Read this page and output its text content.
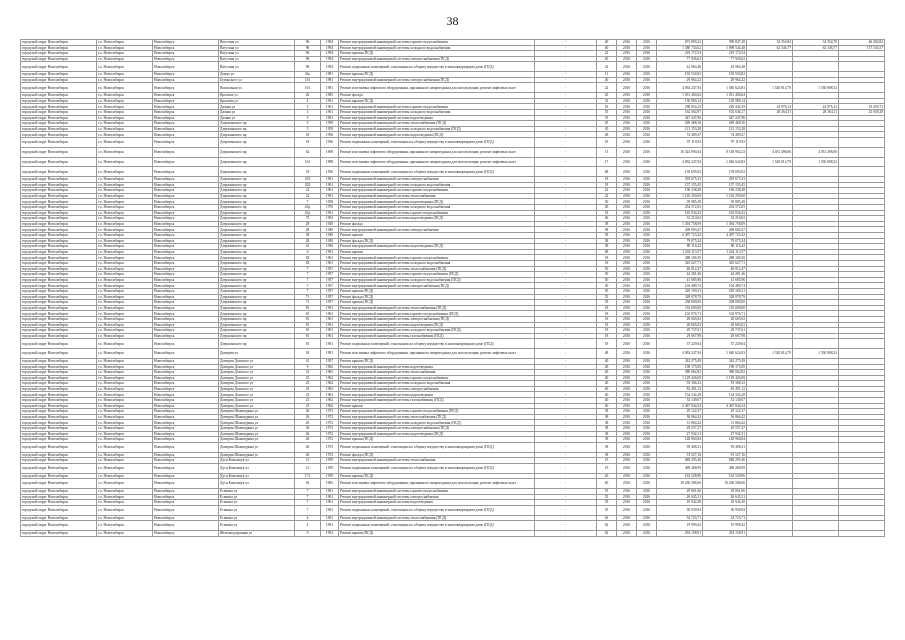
38
городской округ Новосибирск	г.о. Новосибирск	Новосибирск	Ватутина ул	96	1994	Ремонт внутридомовой инженерной системы горячего водоснабжения	-	40	2016	2016	673 809,22	590 847,28	34 354,84	34 354,70	46 404,82
городской округ Новосибирск	г.о. Новосибирск	Новосибирск	Ватутина ул	96	1994	Ремонт внутридомовой инженерной системы холодного водоснабжения	-	40	2016	2016	1 380 734,62	1 098 544,48	62 346,77	62 346,77	157 543,57
городской округ Новосибирск	г.о. Новосибирск	Новосибирск	Ватутина ул	96	1994	Ремонт крыши (ПСД)	-	22	2016	2016	219 172,54	219 172,54			
городской округ Новосибирск	г.о. Новосибирск	Новосибирск	Ватутина ул	96	1994	Ремонт внутридомовой инженерной системы электроснабжения (ПСД)	-	40	2016	2016	77 926,62	77 926,62			
городской округ Новосибирск	г.о. Новосибирск	Новосибирск	Ватутина ул	96	1994	Ремонт подвальных помещений, относящихся к общему имуществу в многоквартирном доме (ПСД)	-	42	2016	2016	42 964,48	42 964,48			
городской округ Новосибирск	г.о. Новосибирск	Новосибирск	Донца ул	41к	1981	Ремонт крыши (ПСД)	-	11	2016	2016	192 534,82	192 534,82			
городской округ Новосибирск	г.о. Новосибирск	Новосибирск	Белинского ул	161	1981	Ремонт внутридомовой инженерной системы электроснабжения (ПСД)	-	40	2016	2016	29 964,22	29 964,22			
городской округ Новосибирск	г.о. Новосибирск	Новосибирск	Вокзальная ул	161	1981	Ремонт или замена лифтового оборудования, признанного непригодным для эксплуатации, ремонт лифтовых шахт	-	22	2016	2016	4 092 247,94	1 040 624,83	1 520 814,79	1 530 808,32	
городской округ Новосибирск	г.о. Новосибирск	Новосибирск	Крылова ул	26	1985	Ремонт фасада	-	45	2016	2016	1 031 404,64	1 031 404,64			
городской округ Новосибирск	г.о. Новосибирск	Новосибирск	Крылова ул	4	1961	Ремонт крыши (ПСД)	-	52	2016	2016	130 980,14	130 980,14			
городской округ Новосибирск	г.о. Новосибирск	Новосибирск	Дачная ул	3	1961	Ремонт внутридомовой инженерной системы горячего водоснабжения	-	55	2016	2016	298 854,23	229 442,39	24 976,12	24 976,12	19 459,72
городской округ Новосибирск	г.о. Новосибирск	Новосибирск	Дачная ул	3	1961	Ремонт внутридомовой инженерной системы холодного водоснабжения	-	55	2016	2016	162 364,97	102 646,17	28 364,11	28 364,11	23 039,28
городской округ Новосибирск	г.о. Новосибирск	Новосибирск	Дачная ул	3	1961	Ремонт внутридомовой инженерной системы водоотведения	-	55	2016	2016	347 247,96	347 247,96			
городской округ Новосибирск	г.о. Новосибирск	Новосибирск	Дзержинского пр	5	1959	Ремонт внутридомовой инженерной системы теплоснабжения (ПСД)	-	45	2016	2016	269 468,16	269 468,16			
городской округ Новосибирск	г.о. Новосибирск	Новосибирск	Дзержинского пр	5	1959	Ремонт внутридомовой инженерной системы холодного водоснабжения (ПСД)	-	45	2016	2016	121 153,28	121 153,28			
городской округ Новосибирск	г.о. Новосибирск	Новосибирск	Дзержинского пр	18	1956	Ремонт внутридомовой инженерной системы водоотведения (ПСД)	-	48	2016	2016	74 409,47	74 409,47			
городской округ Новосибирск	г.о. Новосибирск	Новосибирск	Дзержинского пр	18	1956	Ремонт подвальных помещений, относящихся к общему имуществу в многоквартирном доме (ПСД)	-	18	2016	2016	97 119,92	97 119,92			
городской округ Новосибирск	г.о. Новосибирск	Новосибирск	Дзержинского пр	62	1969	Ремонт или замена лифтового оборудования, признанного непригодным для эксплуатации, ремонт лифтовых шахт	-	13	2016	2016	16 324 994,64	8 140 902,23	4 031 496,06	4 031 496,06	
городской округ Новосибирск	г.о. Новосибирск	Новосибирск	Дзержинского пр	161	1988	Ремонт или замена лифтового оборудования, признанного непригодным для эксплуатации, ремонт лифтовых шахт	-	17	2016	2016	4 092 247,94	1 040 624,83	1 520 814,79	1 530 808,32	
городской округ Новосибирск	г.о. Новосибирск	Новосибирск	Дзержинского пр	18	1956	Ремонт подвальных помещений, относящихся к общему имуществу в многоквартирном доме (ПСД)	-	48	2016	2016	139 695,02	139 695,02			
городской округ Новосибирск	г.о. Новосибирск	Новосибирск	Дзержинского пр	203	1961	Ремонт внутридомовой инженерной системы электроснабжения	-	18	2016	2016	293 675,33	293 675,33			
городской округ Новосибирск	г.о. Новосибирск	Новосибирск	Дзержинского пр	203	1961	Ремонт внутридомовой инженерной системы холодного водоснабжения	-	18	2016	2016	157 155,45	157 155,45			
городской округ Новосибирск	г.о. Новосибирск	Новосибирск	Дзержинского пр	22	1961	Ремонт внутридомовой инженерной системы горячего водоснабжения	-	22	2016	2016	196 238,48	196 238,48			
городской округ Новосибирск	г.о. Новосибирск	Новосибирск	Дзержинского пр	22	1961	Ремонт внутридомовой инженерной системы теплоснабжения	-	22	2016	2016	1 165 250,60	1 165 250,60			
городской округ Новосибирск	г.о. Новосибирск	Новосибирск	Дзержинского пр	7	1958	Ремонт внутридомовой инженерной системы водоотведения (ПСД)	-	50	2016	2016	39 085,49	39 085,49			
городской округ Новосибирск	г.о. Новосибирск	Новосибирск	Дзержинского пр	20д	1976	Ремонт внутридомовой инженерной системы холодного водоснабжения	-	28	2016	2016	234 572,05	234 572,05			
городской округ Новосибирск	г.о. Новосибирск	Новосибирск	Дзержинского пр	20д	1961	Ремонт внутридомовой инженерной системы горячего водоснабжения	-	18	2016	2016	165 034,43	165 034,43			
городской округ Новосибирск	г.о. Новосибирск	Новосибирск	Дзержинского пр	75	1963	Ремонт внутридомовой инженерной системы водоотведения (ПСД)	-	46	2016	2016	33 210,62	33 210,62			
городской округ Новосибирск	г.о. Новосибирск	Новосибирск	Дзержинского пр	28	1949	Ремонт фасада	-	58	2016	2016	1 394 758,09	1 394 758,09			
городской округ Новосибирск	г.о. Новосибирск	Новосибирск	Дзержинского пр	28	1949	Ремонт внутридомовой инженерной системы электроснабжения	-	58	2016	2016	269 003,47	269 003,47			
городской округ Новосибирск	г.о. Новосибирск	Новосибирск	Дзержинского пр	28	1949	Ремонт крыши	-	58	2016	2016	4 497 723,42	4 497 723,42			
городской округ Новосибирск	г.о. Новосибирск	Новосибирск	Дзержинского пр	28	1949	Ремонт фасада (ПСД)	-	58	2016	2016	79 075,24	79 075,24			
городской округ Новосибирск	г.о. Новосибирск	Новосибирск	Дзержинского пр	41	1956	Ремонт внутридомовой инженерной системы водоотведения (ПСД)	-	58	2016	2016	80 116,42	80 116,42			
городской округ Новосибирск	г.о. Новосибирск	Новосибирск	Дзержинского пр	6	1961	Ремонт крыши	-	48	2016	2016	1 244 113,57	1 244 113,57			
городской округ Новосибирск	г.о. Новосибирск	Новосибирск	Дзержинского пр	83	1961	Ремонт внутридомовой инженерной системы горячего водоснабжения	-	18	2016	2016	288 106,50	288 106,50			
городской округ Новосибирск	г.о. Новосибирск	Новосибирск	Дзержинского пр	83	1961	Ремонт внутридомовой инженерной системы холодного водоснабжения	-	18	2016	2016	345 627,71	345 627,71			
городской округ Новосибирск	г.о. Новосибирск	Новосибирск	Дзержинского пр	7	1957	Ремонт внутридомовой инженерной системы теплоснабжения (ПСД)	-	50	2016	2016	46 012,47	46 012,47			
городской округ Новосибирск	г.о. Новосибирск	Новосибирск	Дзержинского пр	7	1957	Ремонт внутридомовой инженерной системы горячего водоснабжения (ПСД)	-	50	2016	2016	44 281,46	44 281,46			
городской округ Новосибирск	г.о. Новосибирск	Новосибирск	Дзержинского пр	7	1957	Ремонт внутридомовой инженерной системы холодного водоснабжения (ПСД)	-	50	2016	2016	41 685,96	41 685,96			
городской округ Новосибирск	г.о. Новосибирск	Новосибирск	Дзержинского пр	7	1957	Ремонт внутридомовой инженерной системы электроснабжения (ПСД)	-	50	2016	2016	104 489,74	104 489,74			
городской округ Новосибирск	г.о. Новосибирск	Новосибирск	Дзержинского пр	7	1957	Ремонт крыши (ПСД)	-	50	2016	2016	229 100,31	229 100,31			
городской округ Новосибирск	г.о. Новосибирск	Новосибирск	Дзержинского пр	71	1957	Ремонт фасада (ПСД)	-	55	2016	2016	328 978,79	328 978,79			
городской округ Новосибирск	г.о. Новосибирск	Новосибирск	Дзержинского пр	71	1957	Ремонт крыши (ПСД)	-	55	2016	2016	238 000,00	238 000,00			
городской округ Новосибирск	г.о. Новосибирск	Новосибирск	Дзержинского пр	81	1961	Ремонт внутридомовой инженерной системы теплоснабжения (ПСД)	-	18	2016	2016	116 600,00	116 600,00			
городской округ Новосибирск	г.о. Новосибирск	Новосибирск	Дзержинского пр	81	1961	Ремонт внутридомовой инженерной системы горячего водоснабжения (ПСД)	-	18	2016	2016	102 976,71	102 976,71			
городской округ Новосибирск	г.о. Новосибирск	Новосибирск	Дзержинского пр	81	1961	Ремонт внутридомовой инженерной системы электроснабжения (ПСД)	-	18	2016	2016	28 665,02	28 665,02			
городской округ Новосибирск	г.о. Новосибирск	Новосибирск	Дзержинского пр	81	1961	Ремонт внутридомовой инженерной системы водоотведения (ПСД)	-	18	2016	2016	28 665,02	28 665,02			
городской округ Новосибирск	г.о. Новосибирск	Новосибирск	Дзержинского пр	81	1961	Ремонт внутридомовой инженерной системы холодного водоснабжения (ПСД)	-	18	2016	2016	29 737,61	29 737,61			
городской округ Новосибирск	г.о. Новосибирск	Новосибирск	Дзержинского пр	81	1961	Ремонт внутридомовой инженерной системы газоснабжения (ПСД)	-	18	2016	2016	29 667,98	29 667,98			
городской округ Новосибирск	г.о. Новосибирск	Новосибирск	Дзержинского пр	81	1961	Ремонт подвальных помещений, относящихся к общему имуществу в многоквартирном доме (ПСД)	-	18	2016	2016	37 229,64	37 229,64			
городской округ Новосибирск	г.о. Новосибирск	Новосибирск	Дмитрия ул	18	1981	Ремонт или замена лифтового оборудования, признанного непригодным для эксплуатации, ремонт лифтовых шахт	-	48	2016	2016	4 092 247,94	1 040 624,83	1 520 814,79	1 530 808,32	
городской округ Новосибирск	г.о. Новосибирск	Новосибирск	Дмитрия Донского ул	41	1957	Ремонт крыши (ПСД)	-	40	2016	2016	342 275,49	342 275,49			
городской округ Новосибирск	г.о. Новосибирск	Новосибирск	Дмитрия Донского ул	9	1962	Ремонт внутридомовой инженерной системы водоотведения	-	28	2016	2016	198 175,00	198 175,00			
городской округ Новосибирск	г.о. Новосибирск	Новосибирск	Дмитрия Донского ул	23	1962	Ремонт внутридомовой инженерной системы теплоснабжения	-	40	2016	2016	380 062,82	380 062,82			
городской округ Новосибирск	г.о. Новосибирск	Новосибирск	Дмитрия Донского ул	23	1962	Ремонт внутридомовой инженерной системы горячего водоснабжения	-	40	2016	2016	1 129 426,69	1 129 426,69			
городской округ Новосибирск	г.о. Новосибирск	Новосибирск	Дмитрия Донского ул	23	1962	Ремонт внутридомовой инженерной системы холодного водоснабжения	-	40	2016	2016	93 306,32	93 306,32			
городской округ Новосибирск	г.о. Новосибирск	Новосибирск	Дмитрия Донского ул	23	1962	Ремонт внутридомовой инженерной системы электроснабжения	-	40	2016	2016	82 491,12	82 491,12			
городской округ Новосибирск	г.о. Новосибирск	Новосибирск	Дмитрия Донского ул	23	1962	Ремонт внутридомовой инженерной системы водоотведения	-	40	2016	2016	134 342,28	134 342,28			
городской округ Новосибирск	г.о. Новосибирск	Новосибирск	Дмитрия Донского ул	23	1962	Ремонт внутридомовой инженерной системы газоснабжения (ПСД)	-	40	2016	2016	52 149,07	52 149,07			
городской округ Новосибирск	г.о. Новосибирск	Новосибирск	Дмитрия Донского ул	23	1962	Ремонт крыши	-	40	2016	2016	4 467 844,34	4 467 844,34			
городской округ Новосибирск	г.о. Новосибирск	Новосибирск	Дмитрия Шамшурина ул	26	1972	Ремонт внутридомовой инженерной системы горячего водоснабжения (ПСД)	-	38	2016	2016	29 122,37	29 122,37			
городской округ Новосибирск	г.о. Новосибирск	Новосибирск	Дмитрия Шамшурина ул	26	1972	Ремонт внутридомовой инженерной системы теплоснабжения (ПСД)	-	38	2016	2016	36 864,42	36 864,42			
городской округ Новосибирск	г.о. Новосибирск	Новосибирск	Дмитрия Шамшурина ул	26	1972	Ремонт внутридомовой инженерной системы холодного водоснабжения (ПСД)	-	38	2016	2016	31 864,42	31 864,42			
городской округ Новосибирск	г.о. Новосибирск	Новосибирск	Дмитрия Шамшурина ул	26	1972	Ремонт внутридомовой инженерной системы электроснабжения (ПСД)	-	38	2016	2016	29 557,27	29 557,27			
городской округ Новосибирск	г.о. Новосибирск	Новосибирск	Дмитрия Шамшурина ул	26	1972	Ремонт внутридомовой инженерной системы водоотведения (ПСД)	-	38	2016	2016	27 942,31	27 942,31			
городской округ Новосибирск	г.о. Новосибирск	Новосибирск	Дмитрия Шамшурина ул	26	1972	Ремонт крыши (ПСД)	-	38	2016	2016	148 904,84	148 904,84			
городской округ Новосибирск	г.о. Новосибирск	Новосибирск	Дмитрия Шамшурина ул	26	1972	Ремонт подвальных помещений, относящихся к общему имуществу в многоквартирном доме (ПСД)	-	38	2016	2016	39 408,41	39 408,41			
городской округ Новосибирск	г.о. Новосибирск	Новосибирск	Дмитрия Шамшурина ул	26	1972	Ремонт фасада (ПСД)	-	38	2016	2016	91 527,16	91 527,16			
городской округ Новосибирск	г.о. Новосибирск	Новосибирск	Дуси Ковальчук ул	12	1959	Ремонт внутридомовой инженерной системы теплоснабжения	-	19	2016	2016	848 295,46	848 295,46			
городской округ Новосибирск	г.о. Новосибирск	Новосибирск	Дуси Ковальчук ул	12	1959	Ремонт подвальных помещений, относящихся к общему имуществу в многоквартирном доме (ПСД)	-	19	2016	2016	469 268,99	469 268,99			
городской округ Новосибирск	г.о. Новосибирск	Новосибирск	Дуси Ковальчук ул	171	1959	Ремонт крыши (ПСД)	-	26	2016	2016	163 528,96	163 528,96			
городской округ Новосибирск	г.о. Новосибирск	Новосибирск	Дуси Ковальчук ул	92	1982	Ремонт или замена лифтового оборудования, признанного непригодным для эксплуатации, ремонт лифтовых шахт	-	40	2016	2016	10 236 586,06	10 236 586,06			
городской округ Новосибирск	г.о. Новосибирск	Новосибирск	Есенина ул	7	1961	Ремонт внутридомовой инженерной системы горячего водоснабжения	-	55	2016	2016	29 061,66	29 061,66			
городской округ Новосибирск	г.о. Новосибирск	Новосибирск	Есенина ул	7	1961	Ремонт внутридомовой инженерной системы электроснабжения	-	55	2016	2016	26 645,21	26 645,21			
городской округ Новосибирск	г.о. Новосибирск	Новосибирск	Есенина ул	7	1961	Ремонт внутридомовой инженерной системы водоотведения	-	55	2016	2016	18 942,40	18 942,40			
городской округ Новосибирск	г.о. Новосибирск	Новосибирск	Есенина ул	7	1961	Ремонт подвальных помещений, относящихся к общему имуществу в многоквартирном доме (ПСД)	-	55	2016	2016	30 930,94	30 930,94			
городской округ Новосибирск	г.о. Новосибирск	Новосибирск	Есенина ул	4	1961	Ремонт внутридомовой инженерной системы теплоснабжения (ПСД)	-	62	2016	2016	54 723,71	54 723,71			
городской округ Новосибирск	г.о. Новосибирск	Новосибирск	Есенина ул	4	1961	Ремонт подвальных помещений, относящихся к общему имуществу в многоквартирном доме (ПСД)	-	62	2016	2016	19 999,42	19 999,42			
городской округ Новосибирск	г.о. Новосибирск	Новосибирск	Железнодорожная ул	9	1952	Ремонт крыши (ПСД)	-	62	2016	2016	294 158,91	294 158,91			
